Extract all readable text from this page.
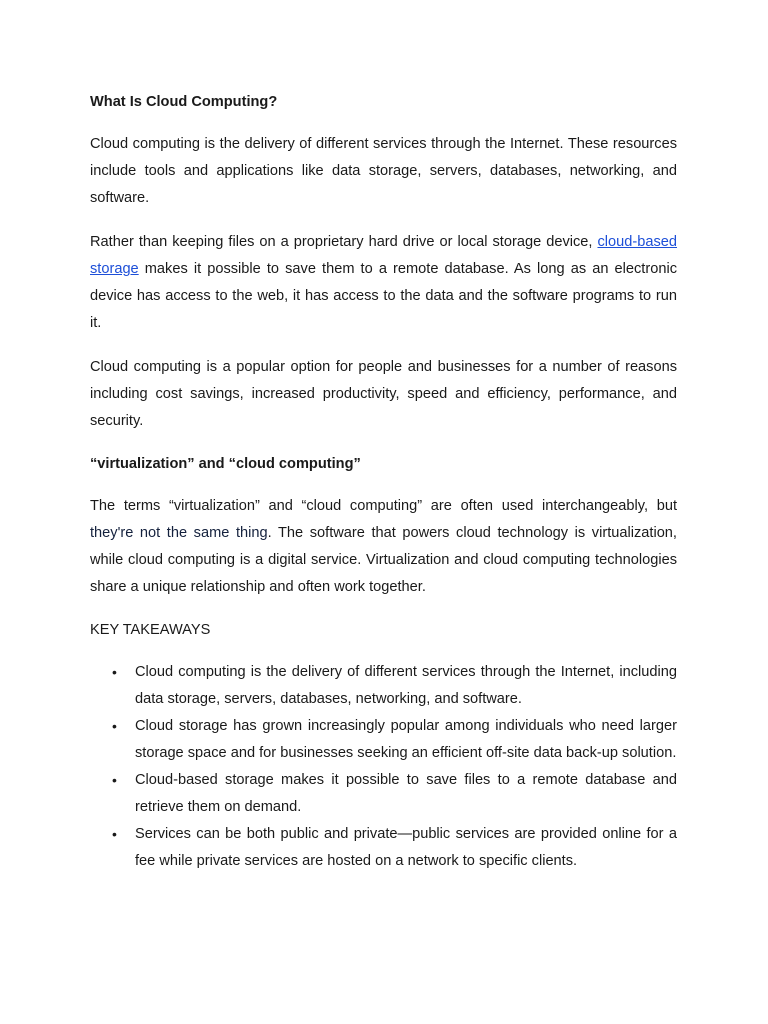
What Is Cloud Computing?

Cloud computing is the delivery of different services through the Internet. These resources include tools and applications like data storage, servers, databases, networking, and software.

Rather than keeping files on a proprietary hard drive or local storage device, cloud-based storage makes it possible to save them to a remote database. As long as an electronic device has access to the web, it has access to the data and the software programs to run it.

Cloud computing is a popular option for people and businesses for a number of reasons including cost savings, increased productivity, speed and efficiency, performance, and security.

“virtualization” and “cloud computing”

The terms “virtualization” and “cloud computing” are often used interchangeably, but they're not the same thing. The software that powers cloud technology is virtualization, while cloud computing is a digital service. Virtualization and cloud computing technologies share a unique relationship and often work together.

KEY TAKEAWAYS
• Cloud computing is the delivery of different services through the Internet, including data storage, servers, databases, networking, and software.
• Cloud storage has grown increasingly popular among individuals who need larger storage space and for businesses seeking an efficient off-site data back-up solution.
• Cloud-based storage makes it possible to save files to a remote database and retrieve them on demand.
• Services can be both public and private—public services are provided online for a fee while private services are hosted on a network to specific clients.
